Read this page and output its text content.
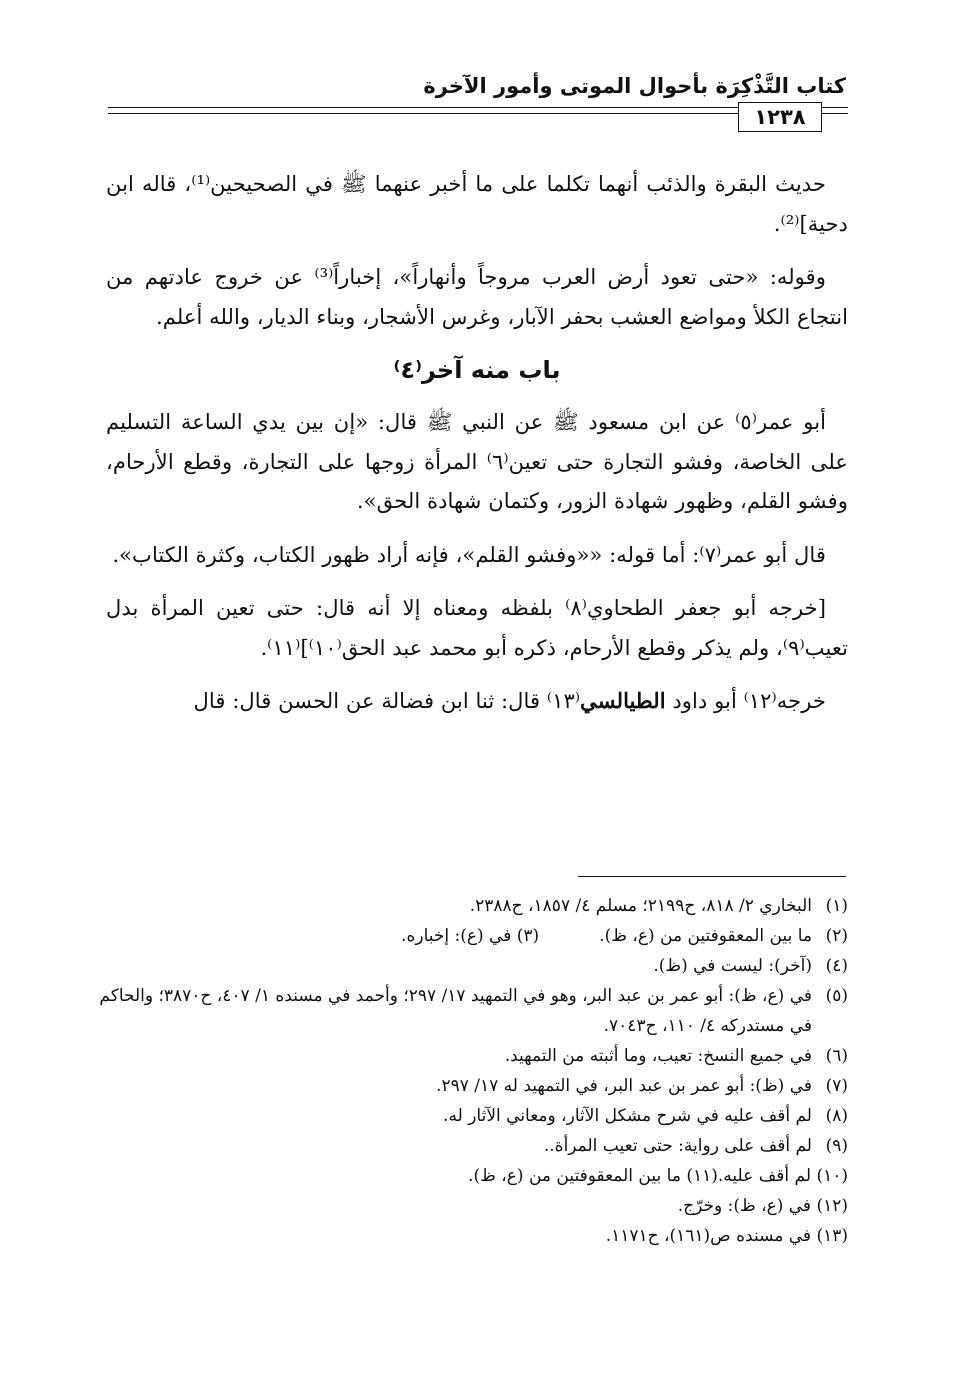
كتاب التَّذْكِرَة بأحوال الموتى وأمور الآخرة
١٢٣٨

حديث البقرة والذئب أنهما تكلما على ما أخبر عنهما ﷺ في الصحيحين⁽¹⁾، قاله ابن دحية]⁽²⁾.

وقوله: «حتى تعود أرض العرب مروجاً وأنهاراً»، إخباراً⁽³⁾ عن خروج عادتهم من انتجاع الكلأ ومواضع العشب بحفر الآبار، وغرس الأشجار، وبناء الديار، والله أعلم.

باب منه آخر⁽٤⁾

أبو عمر⁽٥⁾ عن ابن مسعود ﷺ عن النبي ﷺ قال: «إن بين يدي الساعة التسليم على الخاصة، وفشو التجارة حتى تعين⁽٦⁾ المرأة زوجها على التجارة، وقطع الأرحام، وفشو القلم، وظهور شهادة الزور، وكتمان شهادة الحق».

قال أبو عمر⁽٧⁾: أما قوله: ««وفشو القلم»، فإنه أراد ظهور الكتاب، وكثرة الكتاب».

[خرجه أبو جعفر الطحاوي⁽٨⁾ بلفظه ومعناه إلا أنه قال: حتى تعين المرأة بدل تعيب⁽٩⁾، ولم يذكر وقطع الأرحام، ذكره أبو محمد عبد الحق⁽١٠⁾]⁽١١⁾.

خرجه⁽١٢⁾ أبو داود الطيالسي⁽١٣⁾ قال: ثنا ابن فضالة عن الحسن قال: قال

(١)
البخاري ٢/ ٨١٨، ح٢١٩٩؛ مسلم ٤/ ١٨٥٧، ح٢٣٨٨.
(٢)
ما بين المعقوفتين من (ع، ظ).
(٣) في (ع): إخباره.
(٤)
(آخر): ليست في (ظ).
(٥)
في (ع، ظ): أبو عمر بن عبد البر، وهو في التمهيد ١٧/ ٢٩٧؛ وأحمد في مسنده ١/ ٤٠٧، ح٣٨٧٠؛ والحاكم في مستدركه ٤/ ١١٠، ح٧٠٤٣.
(٦)
في جميع النسخ: تعيب، وما أثبته من التمهيد.
(٧)
في (ظ): أبو عمر بن عبد البر، في التمهيد له ١٧/ ٢٩٧.
(٨)
لم أقف عليه في شرح مشكل الآثار، ومعاني الآثار له.
(٩)
لم أقف على رواية: حتى تعيب المرأة..
(١٠) لم أقف عليه.
(١١) ما بين المعقوفتين من (ع، ظ).
(١٢) في (ع، ظ): وخرّج.
(١٣) في مسنده ص(١٦١)، ح١١٧١.
